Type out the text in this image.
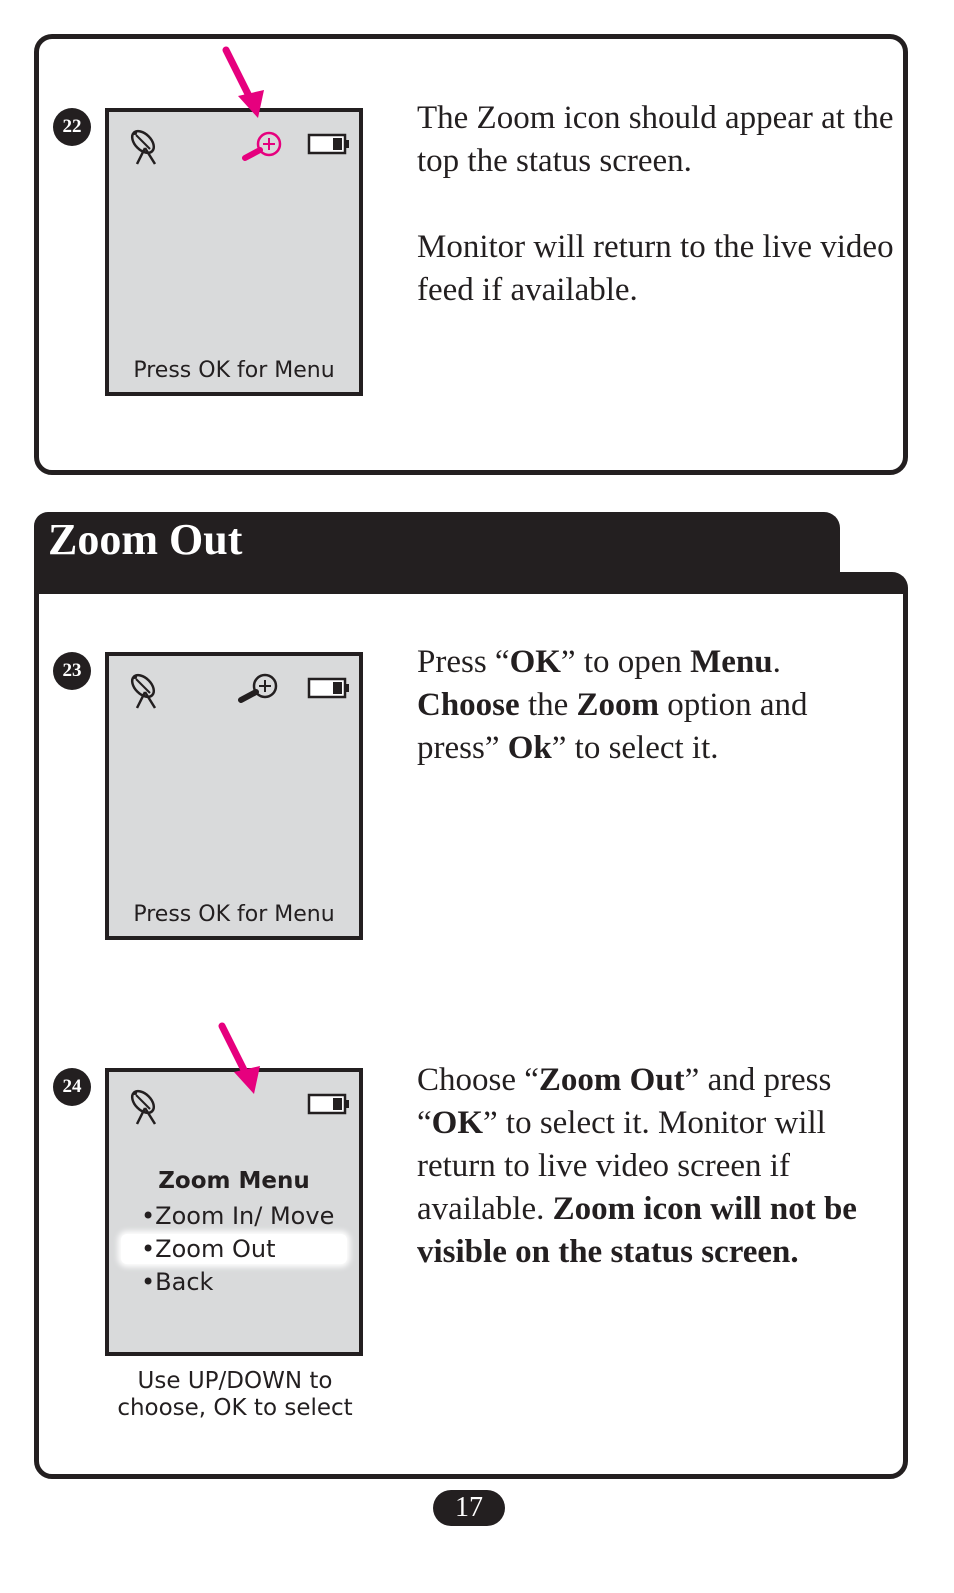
22
Press OK for Menu

The Zoom icon should appear at the top the status screen.

Monitor will return to the live video feed if available.

Zoom Out
23
Press OK for Menu

Press “OK” to open Menu.
Choose the Zoom option and press” Ok” to select it.

24
Zoom Menu
•Zoom In/ Move
•Zoom Out
•Back
Use UP/DOWN to
choose, OK to select

Choose “Zoom Out” and press “OK” to select it. Monitor will return to live video screen if available. Zoom icon will not be visible on the status screen.

17
